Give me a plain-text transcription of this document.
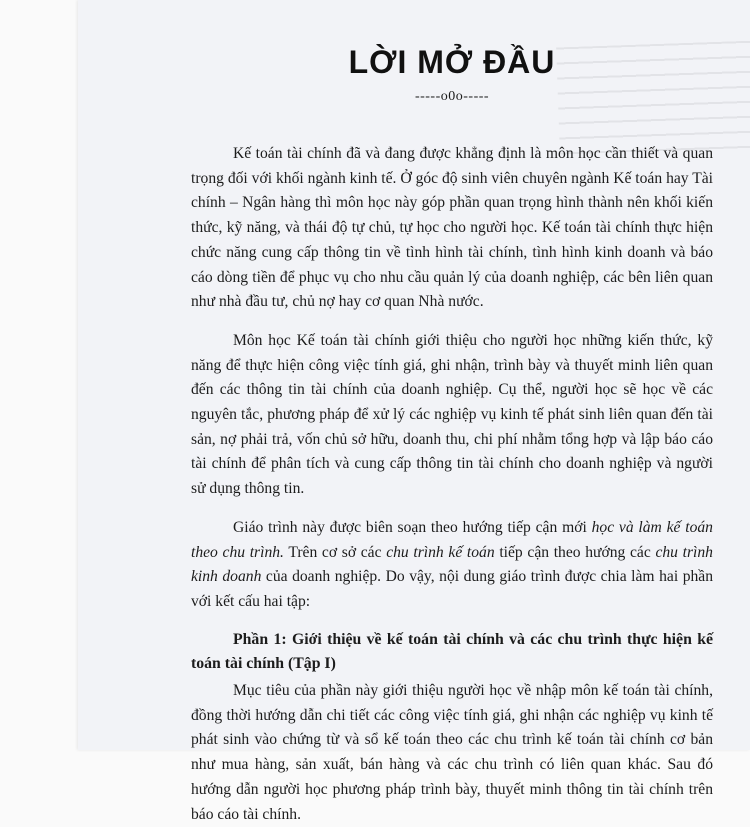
LỜI MỞ ĐẦU
-----o0o-----

Kế toán tài chính đã và đang được khẳng định là môn học cần thiết và quan trọng đối với khối ngành kinh tế. Ở góc độ sinh viên chuyên ngành Kế toán hay Tài chính – Ngân hàng thì môn học này góp phần quan trọng hình thành nên khối kiến thức, kỹ năng, và thái độ tự chủ, tự học cho người học. Kế toán tài chính thực hiện chức năng cung cấp thông tin về tình hình tài chính, tình hình kinh doanh và báo cáo dòng tiền để phục vụ cho nhu cầu quản lý của doanh nghiệp, các bên liên quan như nhà đầu tư, chủ nợ hay cơ quan Nhà nước.

Môn học Kế toán tài chính giới thiệu cho người học những kiến thức, kỹ năng để thực hiện công việc tính giá, ghi nhận, trình bày và thuyết minh liên quan đến các thông tin tài chính của doanh nghiệp. Cụ thể, người học sẽ học về các nguyên tắc, phương pháp để xử lý các nghiệp vụ kinh tế phát sinh liên quan đến tài sản, nợ phải trả, vốn chủ sở hữu, doanh thu, chi phí nhằm tổng hợp và lập báo cáo tài chính để phân tích và cung cấp thông tin tài chính cho doanh nghiệp và người sử dụng thông tin.

Giáo trình này được biên soạn theo hướng tiếp cận mới học và làm kế toán theo chu trình. Trên cơ sở các chu trình kế toán tiếp cận theo hướng các chu trình kinh doanh của doanh nghiệp. Do vậy, nội dung giáo trình được chia làm hai phần với kết cấu hai tập:

Phần 1: Giới thiệu về kế toán tài chính và các chu trình thực hiện kế toán tài chính (Tập I)

Mục tiêu của phần này giới thiệu người học về nhập môn kế toán tài chính, đồng thời hướng dẫn chi tiết các công việc tính giá, ghi nhận các nghiệp vụ kinh tế phát sinh vào chứng từ và sổ kế toán theo các chu trình kế toán tài chính cơ bản như mua hàng, sản xuất, bán hàng và các chu trình có liên quan khác. Sau đó hướng dẫn người học phương pháp trình bày, thuyết minh thông tin tài chính trên báo cáo tài chính.
